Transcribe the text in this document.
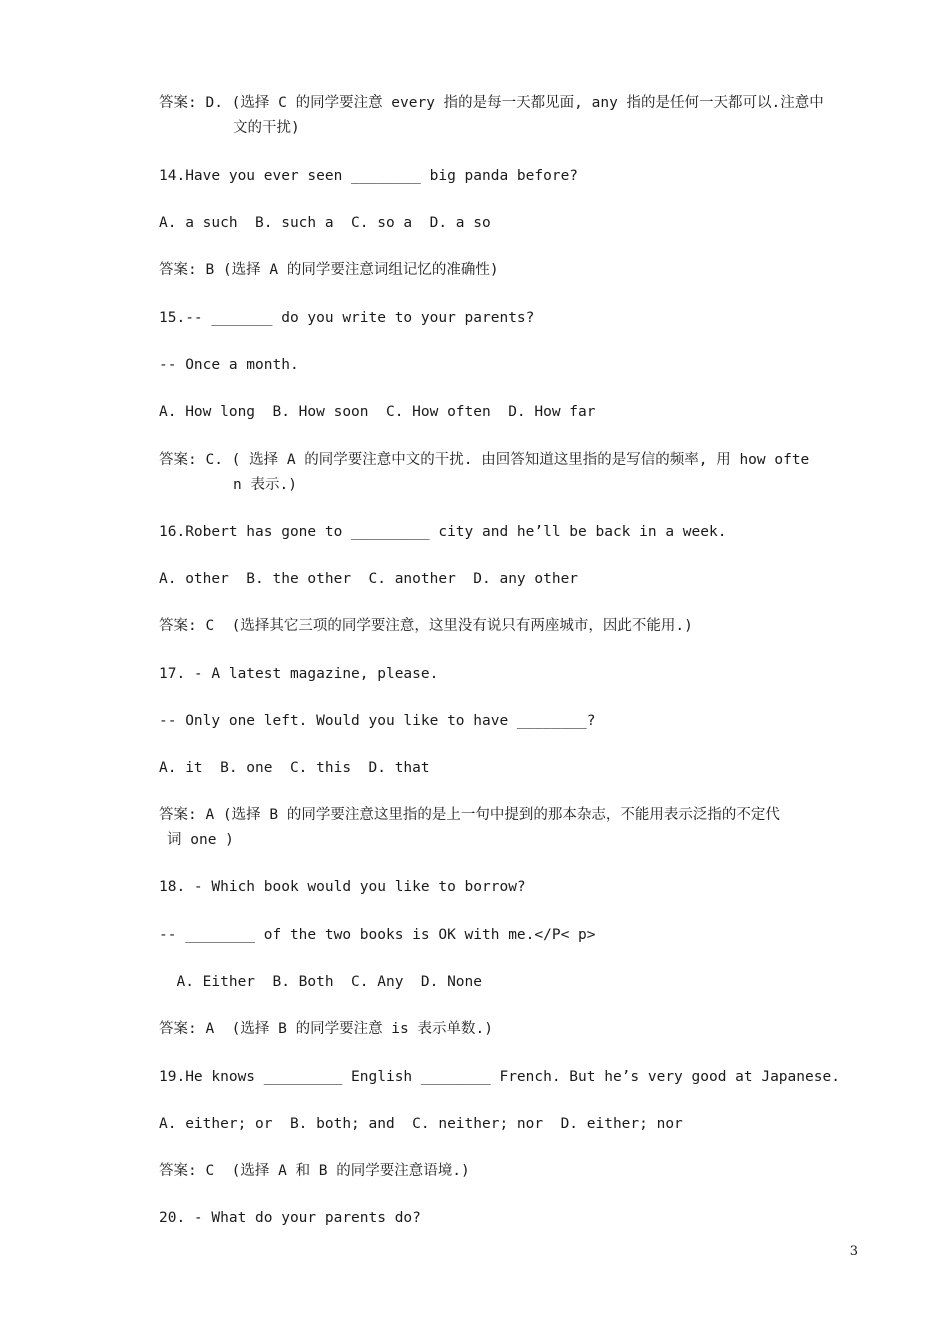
答案: D. (选择 C 的同学要注意 every 指的是每一天都见面, any 指的是任何一天都可以.注意中
文的干扰)
14.Have you ever seen ________ big panda before?
A. a such  B. such a  C. so a  D. a so
答案: B (选择 A 的同学要注意词组记忆的准确性)
15.-- _______ do you write to your parents?
-- Once a month.
A. How long  B. How soon  C. How often  D. How far
答案: C. ( 选择 A 的同学要注意中文的干扰. 由回答知道这里指的是写信的频率, 用 how ofte
n 表示.)
16.Robert has gone to _________ city and he’ll be back in a week.
A. other  B. the other  C. another  D. any other
答案: C  (选择其它三项的同学要注意，这里没有说只有两座城市，因此不能用.)
17. - A latest magazine, please.
-- Only one left. Would you like to have ________?
A. it  B. one  C. this  D. that
答案: A (选择 B 的同学要注意这里指的是上一句中提到的那本杂志，不能用表示泛指的不定代
词 one )
18. - Which book would you like to borrow?
-- ________ of the two books is OK with me.</P< p>
A. Either  B. Both  C. Any  D. None
答案: A  (选择 B 的同学要注意 is 表示单数.)
19.He knows _________ English ________ French. But he’s very good at Japanese.
A. either; or  B. both; and  C. neither; nor  D. either; nor
答案: C  (选择 A 和 B 的同学要注意语境.)
20. - What do your parents do?
3
